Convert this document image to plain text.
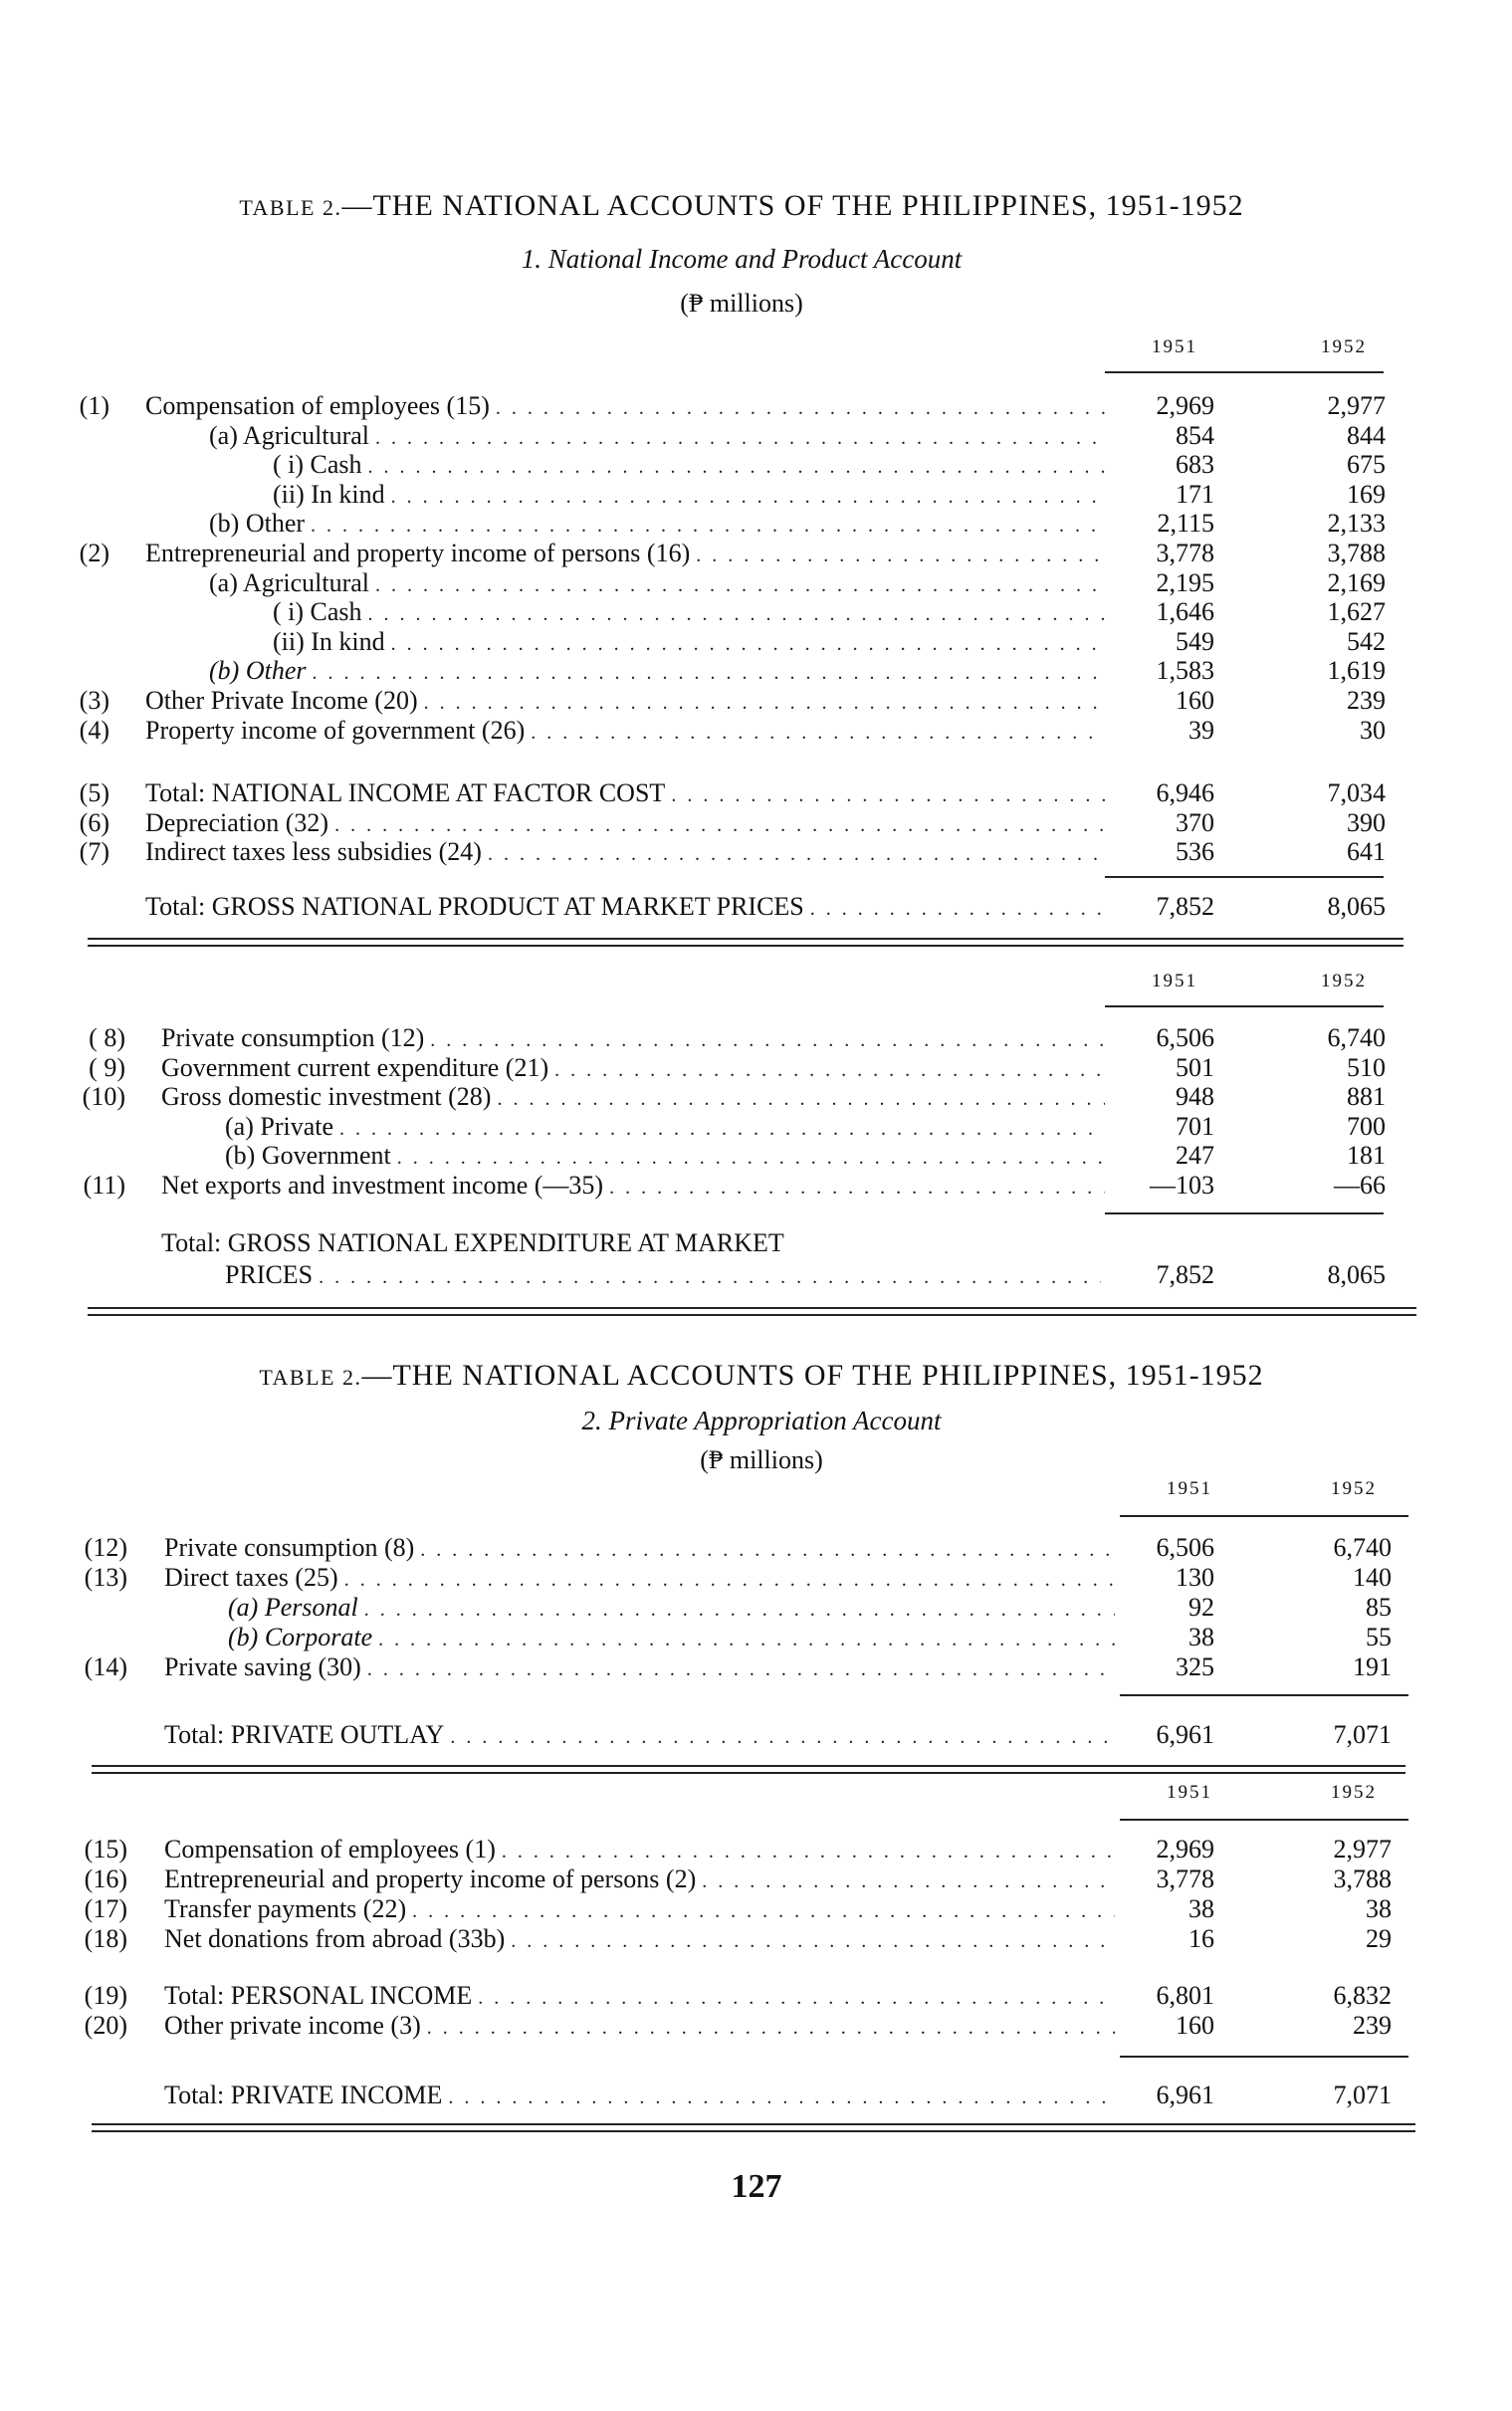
TABLE 2.—THE NATIONAL ACCOUNTS OF THE PHILIPPINES, 1951-1952
1. National Income and Product Account
(₱ millions)
1951	1952
(1) Compensation of employees (15) . . .	2,969	2,977
(a) Agricultural . . .	854	844
( i) Cash . . .	683	675
(ii) In kind . . .	171	169
(b) Other . . .	2,115	2,133
(2) Entrepreneurial and property income of persons (16) . . .	3,778	3,788
(a) Agricultural . . .	2,195	2,169
( i) Cash . . .	1,646	1,627
(ii) In kind . . .	549	542
(b) Other . . .	1,583	1,619
(3) Other Private Income (20) . . .	160	239
(4) Property income of government (26) . . .	39	30
(5) Total: NATIONAL INCOME AT FACTOR COST . . .	6,946	7,034
(6) Depreciation (32) . . .	370	390
(7) Indirect taxes less subsidies (24) . . .	536	641
Total: GROSS NATIONAL PRODUCT AT MARKET PRICES . . .	7,852	8,065
1951	1952
( 8) Private consumption (12) . . .	6,506	6,740
( 9) Government current expenditure (21) . . .	501	510
(10) Gross domestic investment (28) . . .	948	881
(a) Private . . .	701	700
(b) Government . . .	247	181
(11) Net exports and investment income (—35) . . .	—103	—66
Total: GROSS NATIONAL EXPENDITURE AT MARKET
PRICES . . .	7,852	8,065
TABLE 2.—THE NATIONAL ACCOUNTS OF THE PHILIPPINES, 1951-1952
2. Private Appropriation Account
(₱ millions)
1951	1952
(12) Private consumption (8) . . .	6,506	6,740
(13) Direct taxes (25) . . .	130	140
(a) Personal . . .	92	85
(b) Corporate . . .	38	55
(14) Private saving (30) . . .	325	191
Total: PRIVATE OUTLAY . . .	6,961	7,071
1951	1952
(15) Compensation of employees (1) . . .	2,969	2,977
(16) Entrepreneurial and property income of persons (2) . . .	3,778	3,788
(17) Transfer payments (22) . . .	38	38
(18) Net donations from abroad (33b) . . .	16	29
(19) Total: PERSONAL INCOME . . .	6,801	6,832
(20) Other private income (3) . . .	160	239
Total: PRIVATE INCOME . . .	6,961	7,071
127
